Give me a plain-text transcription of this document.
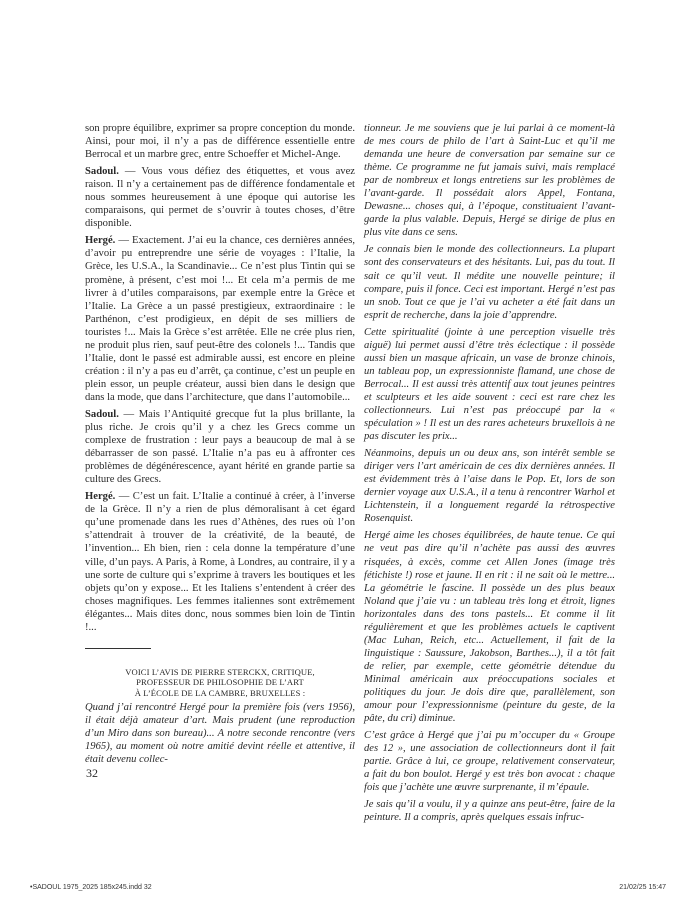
son propre équilibre, exprimer sa propre conception du monde. Ainsi, pour moi, il n’y a pas de différence essentielle entre Berrocal et un marbre grec, entre Schoeffer et Michel-Ange.

Sadoul. — Vous vous défiez des étiquettes, et vous avez raison. Il n’y a certainement pas de différence fondamentale et nous sommes heureusement à une époque qui autorise les comparaisons, qui permet de s’ouvrir à toutes choses, d’être disponible.

Hergé. — Exactement. J’ai eu la chance, ces dernières années, d’avoir pu entreprendre une série de voyages : l’Italie, la Grèce, les U.S.A., la Scandinavie... Ce n’est plus Tintin qui se promène, à présent, c’est moi !... Et cela m’a permis de me livrer à d’utiles comparaisons, par exemple entre la Grèce et l’Italie. La Grèce a un passé prestigieux, extraordinaire : le Parthénon, c’est prodigieux, en dépit de ses milliers de touristes !... Mais la Grèce s’est arrêtée. Elle ne crée plus rien, ne produit plus rien, sauf peut-être des colonels !... Tandis que l’Italie, dont le passé est admirable aussi, est encore en pleine création : il n’y a pas eu d’arrêt, ça continue, c’est un peuple en plein essor, un peuple créateur, aussi bien dans le design que dans la mode, que dans l’architecture, que dans l’automobile...

Sadoul. — Mais l’Antiquité grecque fut la plus brillante, la plus riche. Je crois qu’il y a chez les Grecs comme un complexe de frustration : leur pays a beaucoup de mal à se débarrasser de son passé. L’Italie n’a pas eu à affronter ces problèmes de dégénérescence, ayant hérité en grande partie sa culture des Grecs.

Hergé. — C’est un fait. L’Italie a continué à créer, à l’inverse de la Grèce. Il n’y a rien de plus démoralisant à cet égard qu’une promenade dans les rues d’Athènes, des rues où l’on s’attendrait à trouver de la créativité, de la beauté, de l’invention... Eh bien, rien : cela donne la température d’une ville, d’un pays. A Paris, à Rome, à Londres, au contraire, il y a une sorte de culture qui s’exprime à travers les boutiques et les objets qu’on y expose... Et les Italiens s’entendent à créer des choses magnifiques. Les femmes italiennes sont extrêmement élégantes... Mais dites donc, nous sommes bien loin de Tintin !...

VOICI L’AVIS DE PIERRE STERCKX, CRITIQUE,
PROFESSEUR DE PHILOSOPHIE DE L’ART
À L’ÉCOLE DE LA CAMBRE, BRUXELLES :

Quand j’ai rencontré Hergé pour la première fois (vers 1956), il était déjà amateur d’art. Mais prudent (une reproduction d’un Miro dans son bureau)... A notre seconde rencontre (vers 1965), au moment où notre amitié devint réelle et attentive, il était devenu collec-

tionneur. Je me souviens que je lui parlai à ce moment-là de mes cours de philo de l’art à Saint-Luc et qu’il me demanda une heure de conversation par semaine sur ce thème. Ce programme ne fut jamais suivi, mais remplacé par de nombreux et longs entretiens sur les problèmes de l’avant-garde. Il possédait alors Appel, Fontana, Dewasne... choses qui, à l’époque, constituaient l’avant-garde la plus valable. Depuis, Hergé se dirige de plus en plus vite dans ce sens.

Je connais bien le monde des collectionneurs. La plupart sont des conservateurs et des hésitants. Lui, pas du tout. Il sait ce qu’il veut. Il médite une nouvelle peinture; il compare, puis il fonce. Ceci est important. Hergé n’est pas un snob. Tout ce que je l’ai vu acheter a été fait dans un esprit de recherche, dans la joie d’apprendre.

Cette spiritualité (jointe à une perception visuelle très aiguë) lui permet aussi d’être très éclectique : il possède aussi bien un masque africain, un vase de bronze chinois, un tableau pop, un expressionniste flamand, une chose de Berrocal... Il est aussi très attentif aux tout jeunes peintres et sculpteurs et les aide souvent : ceci est rare chez les collectionneurs. Lui n’est pas préoccupé par la « spéculation » ! Il est un des rares acheteurs bruxellois à ne pas discuter les prix...

Néanmoins, depuis un ou deux ans, son intérêt semble se diriger vers l’art américain de ces dix dernières années. Il est évidemment très à l’aise dans le Pop. Et, lors de son dernier voyage aux U.S.A., il a tenu à rencontrer Warhol et Lichtenstein, il a longuement regardé la rétrospective Rosenquist.

Hergé aime les choses équilibrées, de haute tenue. Ce qui ne veut pas dire qu’il n’achète pas aussi des œuvres risquées, à excès, comme cet Allen Jones (image très fétichiste !) rose et jaune. Il en rit : il ne sait où le mettre... La géométrie le fascine. Il possède un des plus beaux Noland que j’aie vu : un tableau très long et étroit, lignes horizontales dans des tons pastels... Et comme il lit régulièrement et que les problèmes actuels le captivent (Mac Luhan, Reich, etc... Actuellement, il fait de la linguistique : Saussure, Jakobson, Barthes...), il a tôt fait de relier, par exemple, cette géométrie détendue du Minimal américain aux préoccupations sociales et politiques du jour. Je dois dire que, parallèlement, son amour pour l’expressionnisme (peinture du geste, de la pâte, du cri) diminue.

C’est grâce à Hergé que j’ai pu m’occuper du « Groupe des 12 », une association de collectionneurs dont il fait partie. Grâce à lui, ce groupe, relativement conservateur, a fait du bon boulot. Hergé y est très bon avocat : chaque fois que j’achète une œuvre surprenante, il m’épaule.

Je sais qu’il a voulu, il y a quinze ans peut-être, faire de la peinture. Il a compris, après quelques essais infruc-

32
•SADOUL 1975_2025 185x245.indd 32	21/02/25 15:47
